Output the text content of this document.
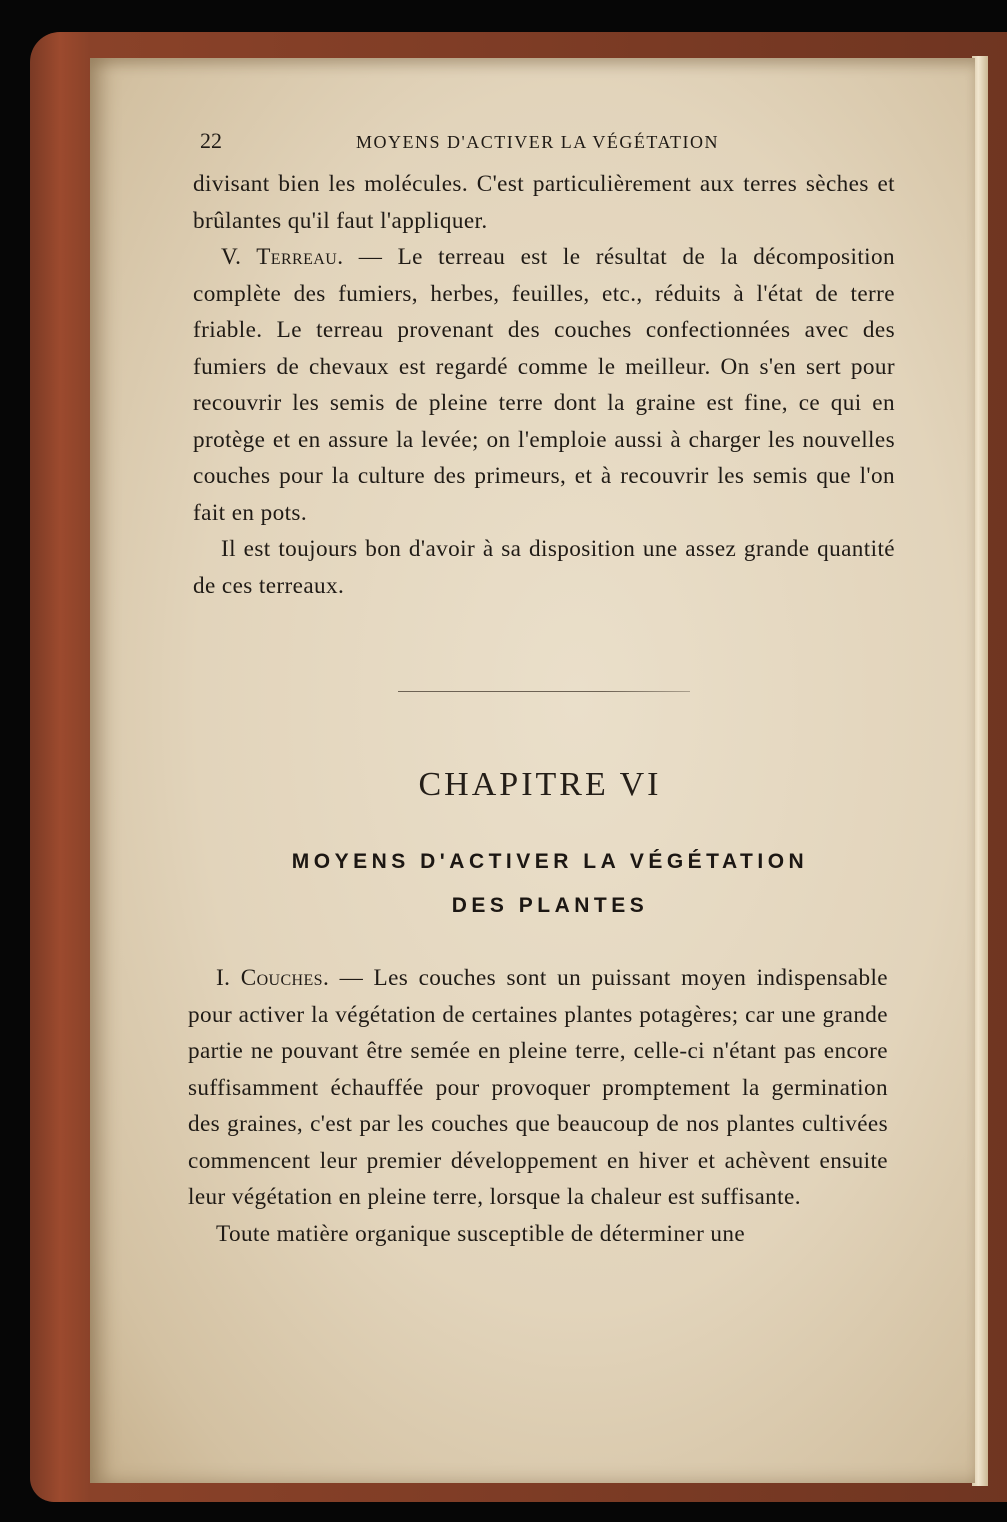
22	MOYENS D'ACTIVER LA VÉGÉTATION

divisant bien les molécules. C'est particulièrement aux terres sèches et brûlantes qu'il faut l'appliquer.

V. Terreau. — Le terreau est le résultat de la décomposition complète des fumiers, herbes, feuilles, etc., réduits à l'état de terre friable. Le terreau provenant des couches confectionnées avec des fumiers de chevaux est regardé comme le meilleur. On s'en sert pour recouvrir les semis de pleine terre dont la graine est fine, ce qui en protège et en assure la levée; on l'emploie aussi à charger les nouvelles couches pour la culture des primeurs, et à recouvrir les semis que l'on fait en pots.

Il est toujours bon d'avoir à sa disposition une assez grande quantité de ces terreaux.

CHAPITRE VI
MOYENS D'ACTIVER LA VÉGÉTATION
DES PLANTES

I. Couches. — Les couches sont un puissant moyen indispensable pour activer la végétation de certaines plantes potagères; car une grande partie ne pouvant être semée en pleine terre, celle-ci n'étant pas encore suffisamment échauffée pour provoquer promptement la germination des graines, c'est par les couches que beaucoup de nos plantes cultivées commencent leur premier développement en hiver et achèvent ensuite leur végétation en pleine terre, lorsque la chaleur est suffisante.

Toute matière organique susceptible de déterminer une
